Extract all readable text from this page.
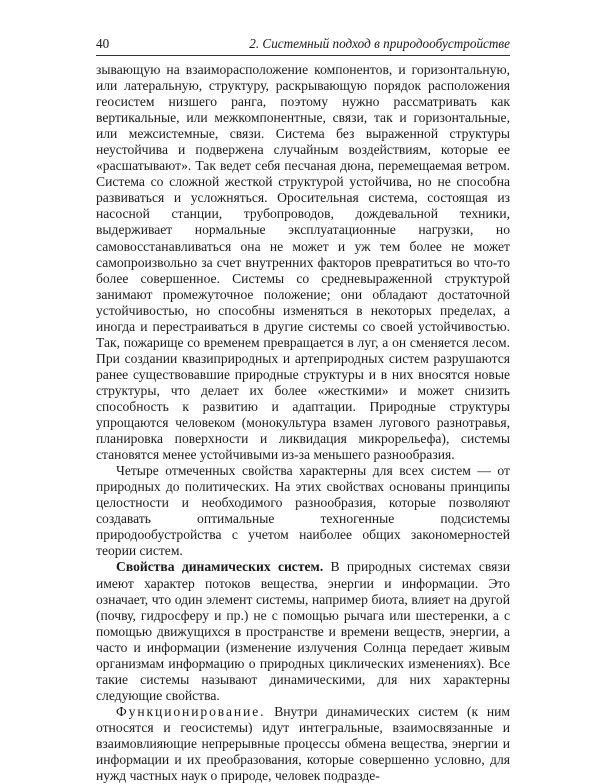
40	2. Системный подход в природообустройстве

зывающую на взаиморасположение компонентов, и горизонтальную, или латеральную, структуру, раскрывающую порядок расположения геосистем низшего ранга, поэтому нужно рассматривать как вертикальные, или межкомпонентные, связи, так и горизонтальные, или межсистемные, связи. Система без выраженной структуры неустойчива и подвержена случайным воздействиям, которые ее «расшатывают». Так ведет себя песчаная дюна, перемещаемая ветром. Система со сложной жесткой структурой устойчива, но не способна развиваться и усложняться. Оросительная система, состоящая из насосной станции, трубопроводов, дождевальной техники, выдерживает нормальные эксплуатационные нагрузки, но самовосстанавливаться она не может и уж тем более не может самопроизвольно за счет внутренних факторов превратиться во что-то более совершенное. Системы со средневыраженной структурой занимают промежуточное положение; они обладают достаточной устойчивостью, но способны изменяться в некоторых пределах, а иногда и перестраиваться в другие системы со своей устойчивостью. Так, пожарище со временем превращается в луг, а он сменяется лесом. При создании квазиприродных и артеприродных систем разрушаются ранее существовавшие природные структуры и в них вносятся новые структуры, что делает их более «жесткими» и может снизить способность к развитию и адаптации. Природные структуры упрощаются человеком (монокультура взамен лугового разнотравья, планировка поверхности и ликвидация микрорельефа), системы становятся менее устойчивыми из-за меньшего разнообразия.

Четыре отмеченных свойства характерны для всех систем — от природных до политических. На этих свойствах основаны принципы целостности и необходимого разнообразия, которые позволяют создавать оптимальные техногенные подсистемы природообустройства с учетом наиболее общих закономерностей теории систем.

Свойства динамических систем. В природных системах связи имеют характер потоков вещества, энергии и информации. Это означает, что один элемент системы, например биота, влияет на другой (почву, гидросферу и пр.) не с помощью рычага или шестеренки, а с помощью движущихся в пространстве и времени веществ, энергии, а часто и информации (изменение излучения Солнца передает живым организмам информацию о природных циклических изменениях). Все такие системы называют динамическими, для них характерны следующие свойства.

Функционирование. Внутри динамических систем (к ним относятся и геосистемы) идут интегральные, взаимосвязанные и взаимовлияющие непрерывные процессы обмена вещества, энергии и информации и их преобразования, которые совершенно условно, для нужд частных наук о природе, человек подразде-
